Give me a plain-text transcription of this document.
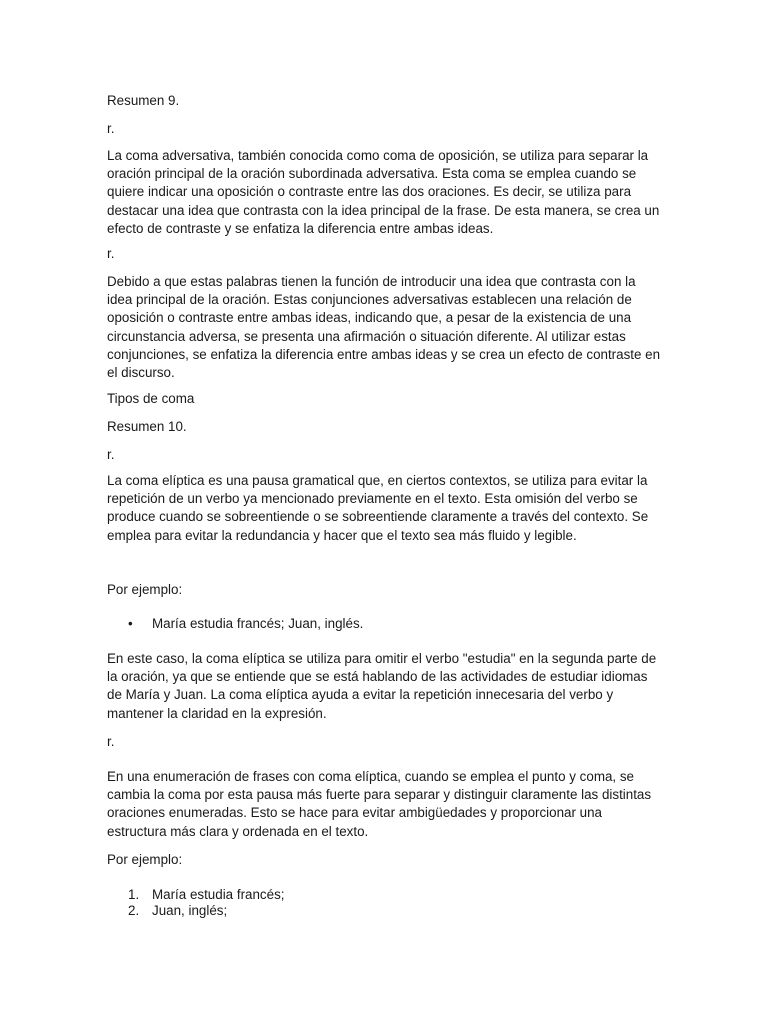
Resumen 9.

r.

La coma adversativa, también conocida como coma de oposición, se utiliza para separar la oración principal de la oración subordinada adversativa. Esta coma se emplea cuando se quiere indicar una oposición o contraste entre las dos oraciones. Es decir, se utiliza para destacar una idea que contrasta con la idea principal de la frase. De esta manera, se crea un efecto de contraste y se enfatiza la diferencia entre ambas ideas.

r.

Debido a que estas palabras tienen la función de introducir una idea que contrasta con la idea principal de la oración. Estas conjunciones adversativas establecen una relación de oposición o contraste entre ambas ideas, indicando que, a pesar de la existencia de una circunstancia adversa, se presenta una afirmación o situación diferente. Al utilizar estas conjunciones, se enfatiza la diferencia entre ambas ideas y se crea un efecto de contraste en el discurso.

Tipos de coma

Resumen 10.

r.

La coma elíptica es una pausa gramatical que, en ciertos contextos, se utiliza para evitar la repetición de un verbo ya mencionado previamente en el texto. Esta omisión del verbo se produce cuando se sobreentiende o se sobreentiende claramente a través del contexto. Se emplea para evitar la redundancia y hacer que el texto sea más fluido y legible.

Por ejemplo:

•	María estudia francés; Juan, inglés.

En este caso, la coma elíptica se utiliza para omitir el verbo "estudia" en la segunda parte de la oración, ya que se entiende que se está hablando de las actividades de estudiar idiomas de María y Juan. La coma elíptica ayuda a evitar la repetición innecesaria del verbo y mantener la claridad en la expresión.

r.

En una enumeración de frases con coma elíptica, cuando se emplea el punto y coma, se cambia la coma por esta pausa más fuerte para separar y distinguir claramente las distintas oraciones enumeradas. Esto se hace para evitar ambigüedades y proporcionar una estructura más clara y ordenada en el texto.

Por ejemplo:

1. María estudia francés;
2. Juan, inglés;
